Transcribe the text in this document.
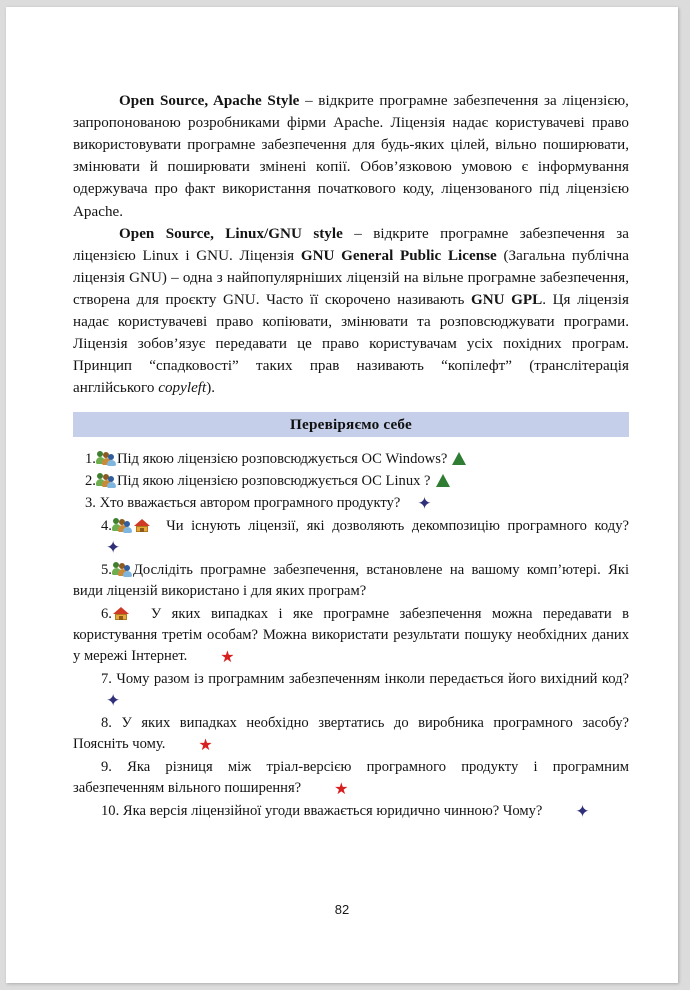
Open Source, Apache Style – відкрите програмне забезпечення за ліцензією, запропонованою розробниками фірми Apache. Ліцензія надає користувачеві право використовувати програмне забезпечення для будь-яких цілей, вільно поширювати, змінювати й поширювати змінені копії. Обов’язковою умовою є інформування одержувача про факт використання початкового коду, ліцензованого під ліцензією Apache.

Open Source, Linux/GNU style – відкрите програмне забезпечення за ліцензією Linux і GNU. Ліцензія GNU General Public License (Загальна публічна ліцензія GNU) – одна з найпопулярніших ліцензій на вільне програмне забезпечення, створена для проєкту GNU. Часто її скорочено називають GNU GPL. Ця ліцензія надає користувачеві право копіювати, змінювати та розповсюджувати програми. Ліцензія зобов’язує передавати це право користувачам усіх похідних програм. Принцип “спадковості” таких прав називають “копілефт” (транслітерація англійського copyleft).

Перевіряємо себе
1. Під якою ліцензією розповсюджується ОС Windows?
2. Під якою ліцензією розповсюджується ОС Linux ?
3. Хто вважається автором програмного продукту? ✦
4.	Чи існують ліцензії, які дозволяють декомпозицію програмного коду?✦
5. Дослідіть програмне забезпечення, встановлене на вашому комп’ютері. Які види ліцензій використано і для яких програм?
6.	У яких випадках і яке програмне забезпечення можна передавати в користування третім особам? Можна використати результати пошуку необхідних даних у мережі Інтернет. ★
7. Чому разом із програмним забезпеченням інколи передається його вихідний код?✦
8. У яких випадках необхідно звертатись до виробника програмного засобу? Поясніть чому. ★
9. Яка різниця між тріал-версією програмного продукту і програмним забезпеченням вільного поширення? ★
10. Яка версія ліцензійної угоди вважається юридично чинною? Чому? ✦
82
